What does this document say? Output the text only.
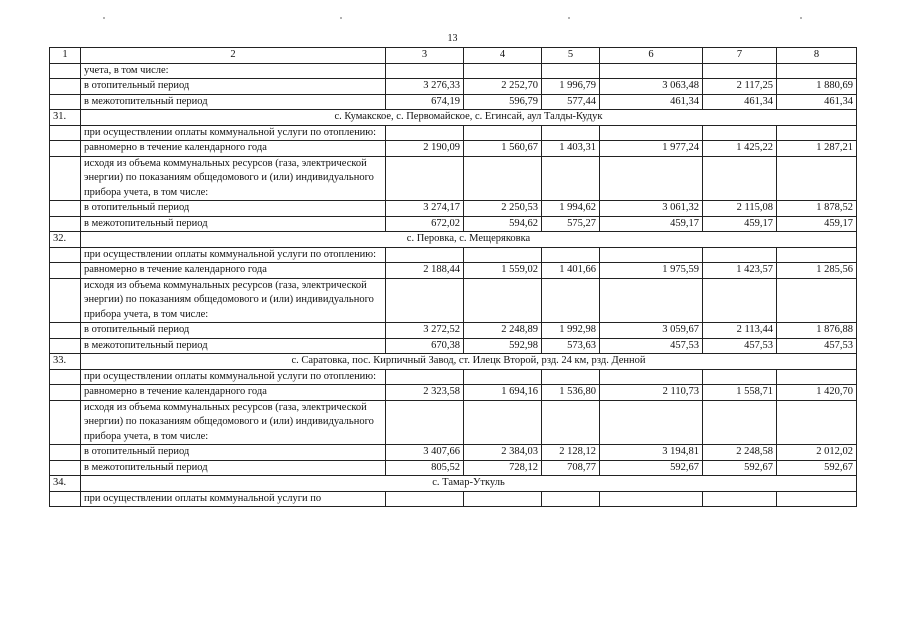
13
1	2	3	4	5	6	7	8
	учета, в том числе:						
	в отопительный период	3 276,33	2 252,70	1 996,79	3 063,48	2 117,25	1 880,69
	в межотопительный период	674,19	596,79	577,44	461,34	461,34	461,34
31.	с. Кумакское, с. Первомайское, с. Егинсай, аул Талды-Кудук						
	при осуществлении оплаты коммунальной услуги по отоплению:						
	равномерно в течение календарного года	2 190,09	1 560,67	1 403,31	1 977,24	1 425,22	1 287,21
	исходя из объема коммунальных ресурсов (газа, электрической энергии) по показаниям общедомового и (или) индивидуального прибора учета, в том числе:						
	в отопительный период	3 274,17	2 250,53	1 994,62	3 061,32	2 115,08	1 878,52
	в межотопительный период	672,02	594,62	575,27	459,17	459,17	459,17
32.	с. Перовка, с. Мещеряковка						
	при осуществлении оплаты коммунальной услуги по отоплению:						
	равномерно в течение календарного года	2 188,44	1 559,02	1 401,66	1 975,59	1 423,57	1 285,56
	исходя из объема коммунальных ресурсов (газа, электрической энергии) по показаниям общедомового и (или) индивидуального прибора учета, в том числе:						
	в отопительный период	3 272,52	2 248,89	1 992,98	3 059,67	2 113,44	1 876,88
	в межотопительный период	670,38	592,98	573,63	457,53	457,53	457,53
33.	с. Саратовка, пос. Кирпичный Завод, ст. Илецк Второй, рзд. 24 км, рзд. Денной						
	при осуществлении оплаты коммунальной услуги по отоплению:						
	равномерно в течение календарного года	2 323,58	1 694,16	1 536,80	2 110,73	1 558,71	1 420,70
	исходя из объема коммунальных ресурсов (газа, электрической энергии) по показаниям общедомового и (или) индивидуального прибора учета, в том числе:						
	в отопительный период	3 407,66	2 384,03	2 128,12	3 194,81	2 248,58	2 012,02
	в межотопительный период	805,52	728,12	708,77	592,67	592,67	592,67
34.	с. Тамар-Уткуль						
	при осуществлении оплаты коммунальной услуги по						
